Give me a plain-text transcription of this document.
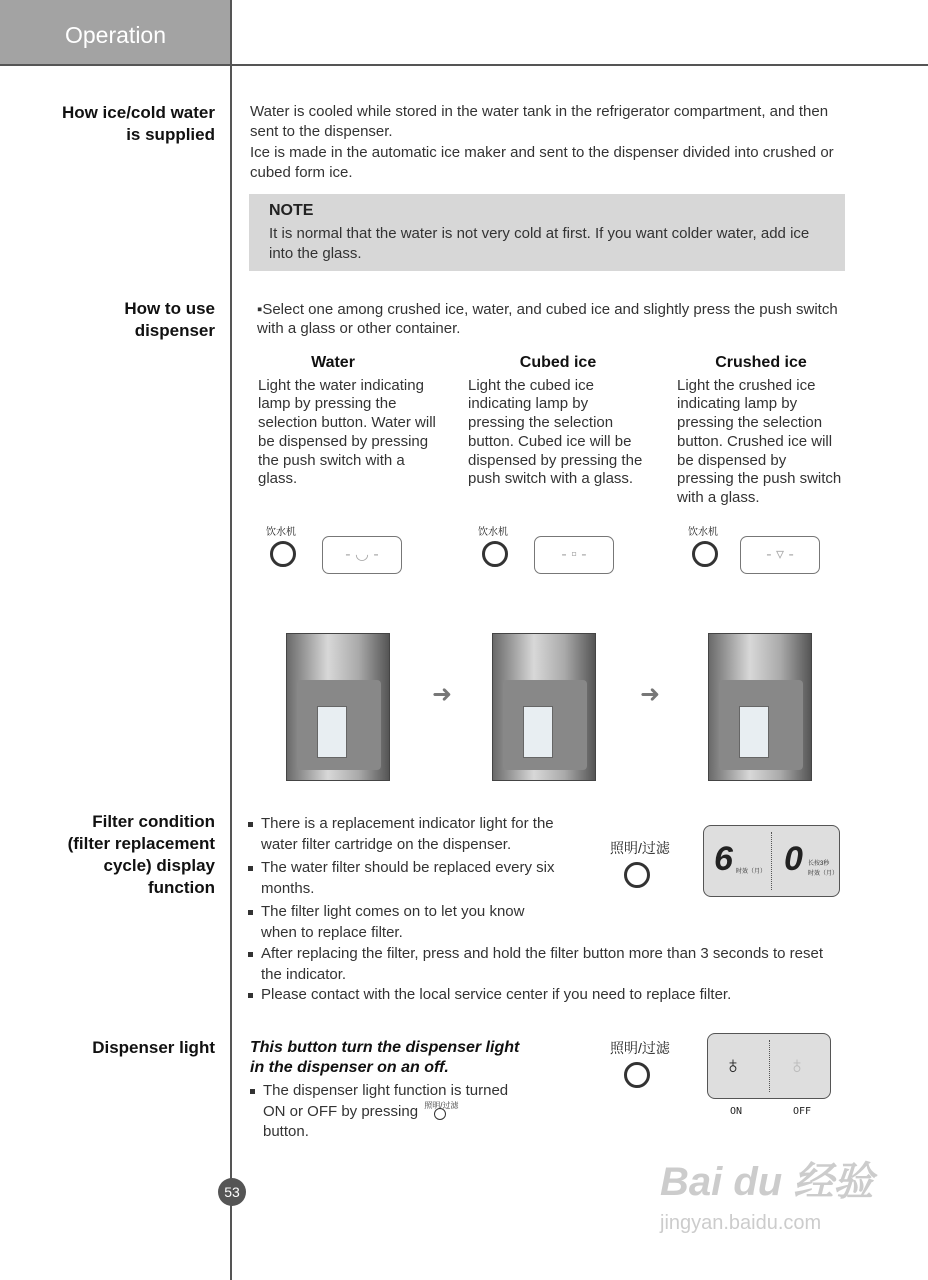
Operation
How ice/cold water is supplied
Water is cooled while stored in the water tank in the refrigerator compartment, and then sent to the dispenser.
Ice is made in the automatic ice maker and sent to the dispenser divided into crushed or cubed form ice.
NOTE

It is normal that the water is not very cold at first. If you want colder water, add ice into the glass.

How to use dispenser
▪Select one among crushed ice, water, and cubed ice and slightly press the push switch with a glass or other container.
Water
Light the water indicating lamp by pressing the selection button. Water will be dispensed by pressing the push switch with a glass.
Cubed ice
Light the cubed ice indicating lamp by pressing the selection button. Cubed ice will be dispensed by pressing the push switch with a glass.
Crushed ice
Light the crushed ice indicating lamp by pressing the selection button. Crushed ice will be dispensed by pressing the push switch with a glass.
饮水机
- ◡ -
饮水机
- ▫ -
饮水机
- ▿ -
➜	➜
Filter condition (filter replacement cycle) display function
There is a replacement indicator light for the water filter cartridge on the dispenser.
The water filter should be replaced every six months.
The filter light comes on to let you know when to replace filter.
After replacing the filter, press and hold the filter button more than 3 seconds to reset the indicator.
Please contact with the local service center if you need to replace filter.
照明/过滤 6 时效（月） 0 长按3秒
时效（月）
Dispenser light This button turn the dispenser light in the dispenser on an off.
The dispenser light function is turned ON or OFF by pressing 照明/过滤

button.
照明/过滤
♁ ♁
ON	OFF
53	Bai du 经验
jingyan.baidu.com
